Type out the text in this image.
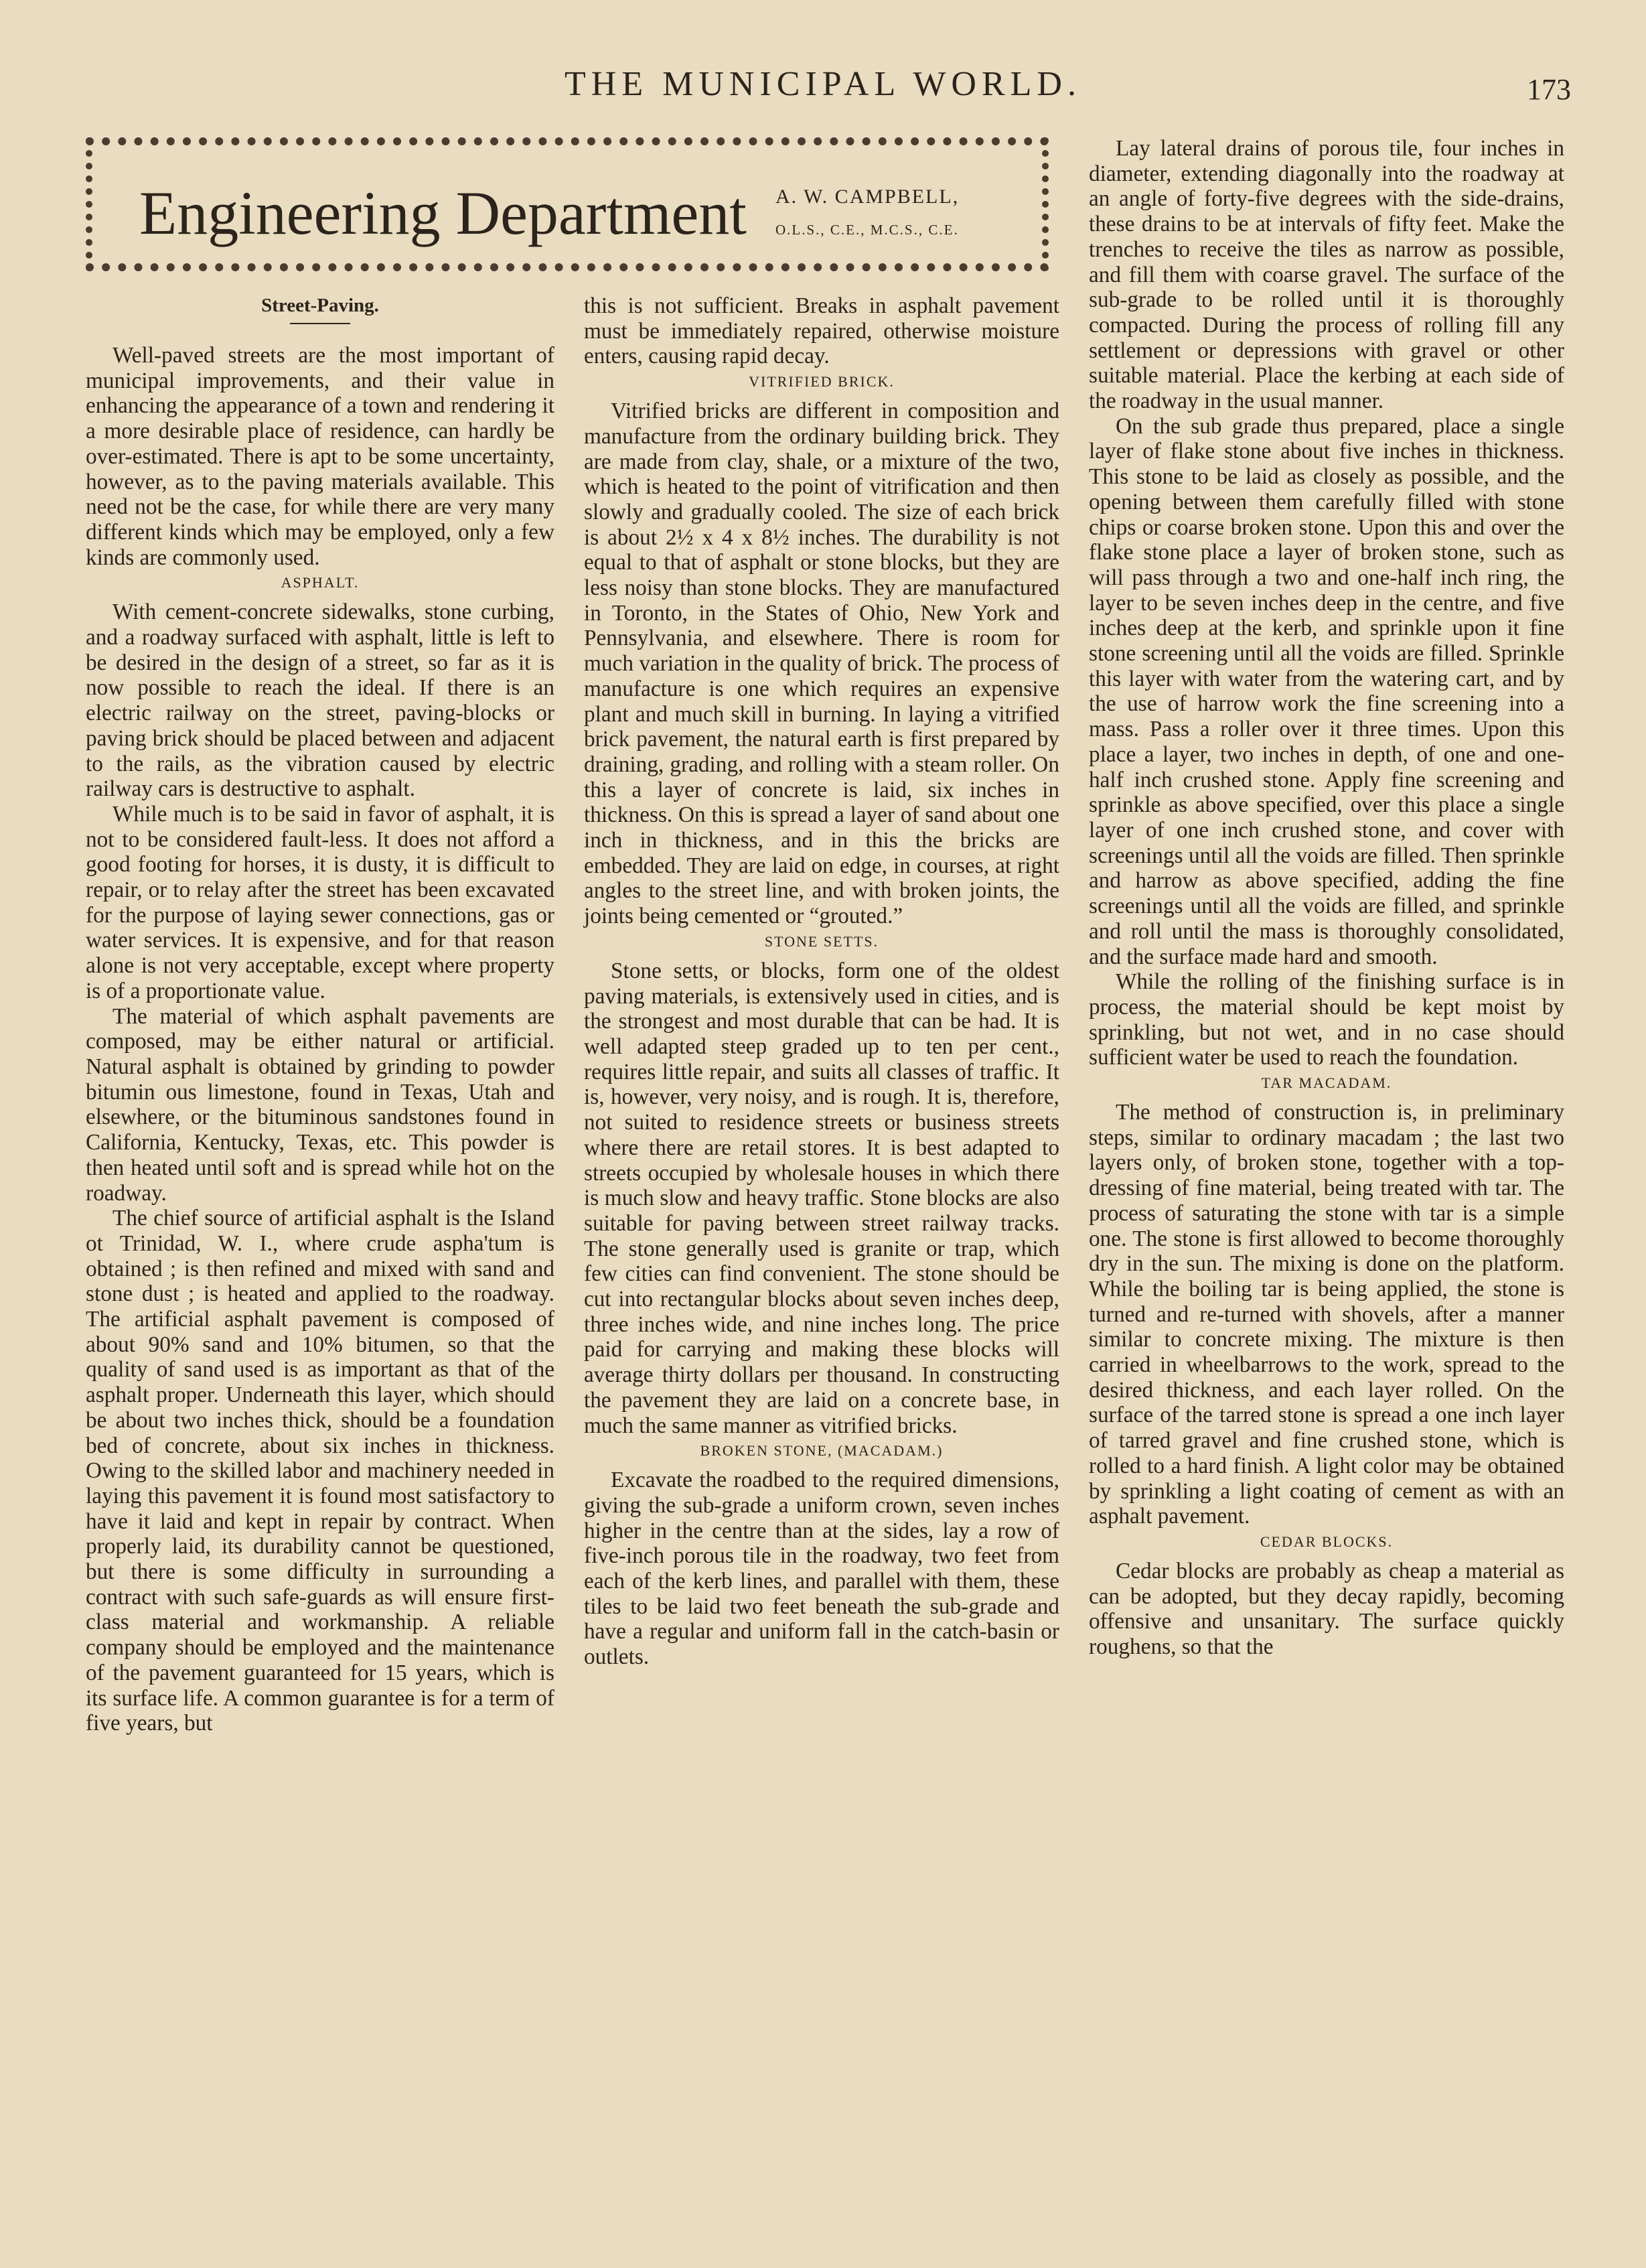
THE MUNICIPAL WORLD.	173
Engineering Department A. W. CAMPBELL,
O.L.S., C.E., M.C.S., C.E.
Street-Paving.

Well-paved streets are the most important of municipal improvements, and their value in enhancing the appearance of a town and rendering it a more desirable place of residence, can hardly be over-estimated. There is apt to be some uncertainty, however, as to the paving materials available. This need not be the case, for while there are very many different kinds which may be employed, only a few kinds are commonly used.

ASPHALT.

With cement-concrete sidewalks, stone curbing, and a roadway surfaced with asphalt, little is left to be desired in the design of a street, so far as it is now possible to reach the ideal. If there is an electric railway on the street, paving-blocks or paving brick should be placed between and adjacent to the rails, as the vibration caused by electric railway cars is destructive to asphalt.

While much is to be said in favor of asphalt, it is not to be considered fault-less. It does not afford a good footing for horses, it is dusty, it is difficult to repair, or to relay after the street has been excavated for the purpose of laying sewer connections, gas or water services. It is expensive, and for that reason alone is not very acceptable, except where property is of a proportionate value.

The material of which asphalt pavements are composed, may be either natural or artificial. Natural asphalt is obtained by grinding to powder bitumin ous limestone, found in Texas, Utah and elsewhere, or the bituminous sandstones found in California, Kentucky, Texas, etc. This powder is then heated until soft and is spread while hot on the roadway.

The chief source of artificial asphalt is the Island ot Trinidad, W. I., where crude aspha'tum is obtained ; is then refined and mixed with sand and stone dust ; is heated and applied to the roadway. The artificial asphalt pavement is composed of about 90% sand and 10% bitumen, so that the quality of sand used is as important as that of the asphalt proper. Underneath this layer, which should be about two inches thick, should be a foundation bed of concrete, about six inches in thickness. Owing to the skilled labor and machinery needed in laying this pavement it is found most satisfactory to have it laid and kept in repair by contract. When properly laid, its durability cannot be questioned, but there is some difficulty in surrounding a contract with such safe-guards as will ensure first-class material and workmanship. A reliable company should be employed and the maintenance of the pavement guaranteed for 15 years, which is its surface life. A common guarantee is for a term of five years, but

this is not sufficient. Breaks in asphalt pavement must be immediately repaired, otherwise moisture enters, causing rapid decay.

VITRIFIED BRICK.

Vitrified bricks are different in composition and manufacture from the ordinary building brick. They are made from clay, shale, or a mixture of the two, which is heated to the point of vitrification and then slowly and gradually cooled. The size of each brick is about 2½ x 4 x 8½ inches. The durability is not equal to that of asphalt or stone blocks, but they are less noisy than stone blocks. They are manufactured in Toronto, in the States of Ohio, New York and Pennsylvania, and elsewhere. There is room for much variation in the quality of brick. The process of manufacture is one which requires an expensive plant and much skill in burning. In laying a vitrified brick pavement, the natural earth is first prepared by draining, grading, and rolling with a steam roller. On this a layer of concrete is laid, six inches in thickness. On this is spread a layer of sand about one inch in thickness, and in this the bricks are embedded. They are laid on edge, in courses, at right angles to the street line, and with broken joints, the joints being cemented or “grouted.”

STONE SETTS.

Stone setts, or blocks, form one of the oldest paving materials, is extensively used in cities, and is the strongest and most durable that can be had. It is well adapted steep graded up to ten per cent., requires little repair, and suits all classes of traffic. It is, however, very noisy, and is rough. It is, therefore, not suited to residence streets or business streets where there are retail stores. It is best adapted to streets occupied by wholesale houses in which there is much slow and heavy traffic. Stone blocks are also suitable for paving between street railway tracks. The stone generally used is granite or trap, which few cities can find convenient. The stone should be cut into rectangular blocks about seven inches deep, three inches wide, and nine inches long. The price paid for carrying and making these blocks will average thirty dollars per thousand. In constructing the pavement they are laid on a concrete base, in much the same manner as vitrified bricks.

BROKEN STONE, (MACADAM.)

Excavate the roadbed to the required dimensions, giving the sub-grade a uniform crown, seven inches higher in the centre than at the sides, lay a row of five-inch porous tile in the roadway, two feet from each of the kerb lines, and parallel with them, these tiles to be laid two feet beneath the sub-grade and have a regular and uniform fall in the catch-basin or outlets.

Lay lateral drains of porous tile, four inches in diameter, extending diagonally into the roadway at an angle of forty-five degrees with the side-drains, these drains to be at intervals of fifty feet. Make the trenches to receive the tiles as narrow as possible, and fill them with coarse gravel. The surface of the sub-grade to be rolled until it is thoroughly compacted. During the process of rolling fill any settlement or depressions with gravel or other suitable material. Place the kerbing at each side of the roadway in the usual manner.

On the sub grade thus prepared, place a single layer of flake stone about five inches in thickness. This stone to be laid as closely as possible, and the opening between them carefully filled with stone chips or coarse broken stone. Upon this and over the flake stone place a layer of broken stone, such as will pass through a two and one-half inch ring, the layer to be seven inches deep in the centre, and five inches deep at the kerb, and sprinkle upon it fine stone screening until all the voids are filled. Sprinkle this layer with water from the watering cart, and by the use of harrow work the fine screening into a mass. Pass a roller over it three times. Upon this place a layer, two inches in depth, of one and one-half inch crushed stone. Apply fine screening and sprinkle as above specified, over this place a single layer of one inch crushed stone, and cover with screenings until all the voids are filled. Then sprinkle and harrow as above specified, adding the fine screenings until all the voids are filled, and sprinkle and roll until the mass is thoroughly consolidated, and the surface made hard and smooth.

While the rolling of the finishing surface is in process, the material should be kept moist by sprinkling, but not wet, and in no case should sufficient water be used to reach the foundation.

TAR MACADAM.

The method of construction is, in preliminary steps, similar to ordinary macadam ; the last two layers only, of broken stone, together with a top-dressing of fine material, being treated with tar. The process of saturating the stone with tar is a simple one. The stone is first allowed to become thoroughly dry in the sun. The mixing is done on the platform. While the boiling tar is being applied, the stone is turned and re-turned with shovels, after a manner similar to concrete mixing. The mixture is then carried in wheelbarrows to the work, spread to the desired thickness, and each layer rolled. On the surface of the tarred stone is spread a one inch layer of tarred gravel and fine crushed stone, which is rolled to a hard finish. A light color may be obtained by sprinkling a light coating of cement as with an asphalt pavement.

CEDAR BLOCKS.

Cedar blocks are probably as cheap a material as can be adopted, but they decay rapidly, becoming offensive and unsanitary. The surface quickly roughens, so that the
